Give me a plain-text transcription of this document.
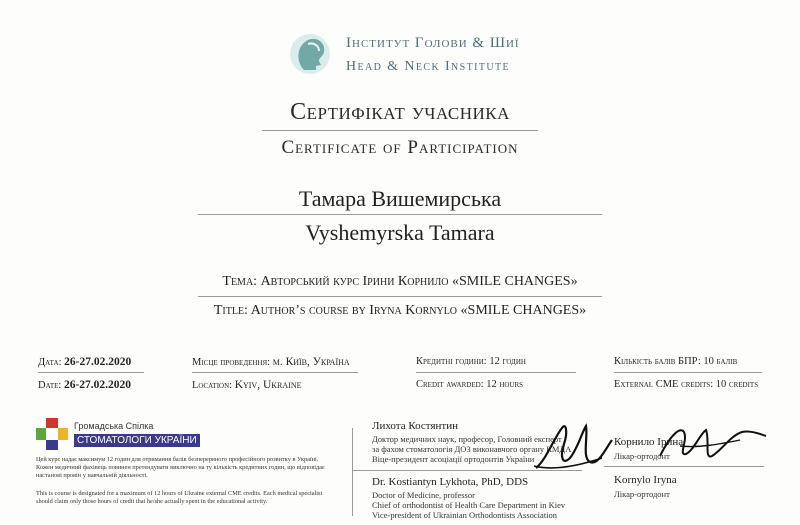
Інститут Голови & Шиї
Head & Neck Institute
Сертифікат учасника
Certificate of Participation
Тамара Вишемирська
Vyshemyrska Tamara
Тема: Авторський курс Ірини Корнило «SMILE CHANGES»
Title: Author’s course by Iryna Kornylo «SMILE CHANGES»
Дата: 26-27.02.2020
Date: 26-27.02.2020
Місце проведення: м. Київ, Україна
Location: Kyiv, Ukraine
Кредитні години: 12 годин
Credit awarded: 12 hours
Кількість балів БПР: 10 балів
External CME credits: 10 credits
Громадська Спілка
СТОМАТОЛОГИ УКРАЇНИ
Цей курс надає максимум 12 годин для отримання балів безперервного професійного розвитку в Україні. Кожен медичний фахівець повинен претендувати виключно на ту кількість кредитних годин, що відповідає настанові провін у навчальній діяльності.
This is course is designated for a maximum of 12 hours of Ukraine external CME credits. Each medical specialist should claim only those hours of credit that he/she actually spent in the educational activity.
Лихота Костянтин
Доктор медичних наук, професор, Головний експерт
за фахом стоматологія ДОЗ виконавчого органу КМДА
Віце-президент асоціації ортодонтів України
Dr. Kostiantyn Lykhota, PhD, DDS
Doctor of Medicine, professor
Chief of orthodontist of Health Care Department in Kiev
Vice-president of Ukrainian Orthodontists Association
Корнило Ірина
Лікар-ортодонт
Kornylo Iryna
Лікар-ортодонт
